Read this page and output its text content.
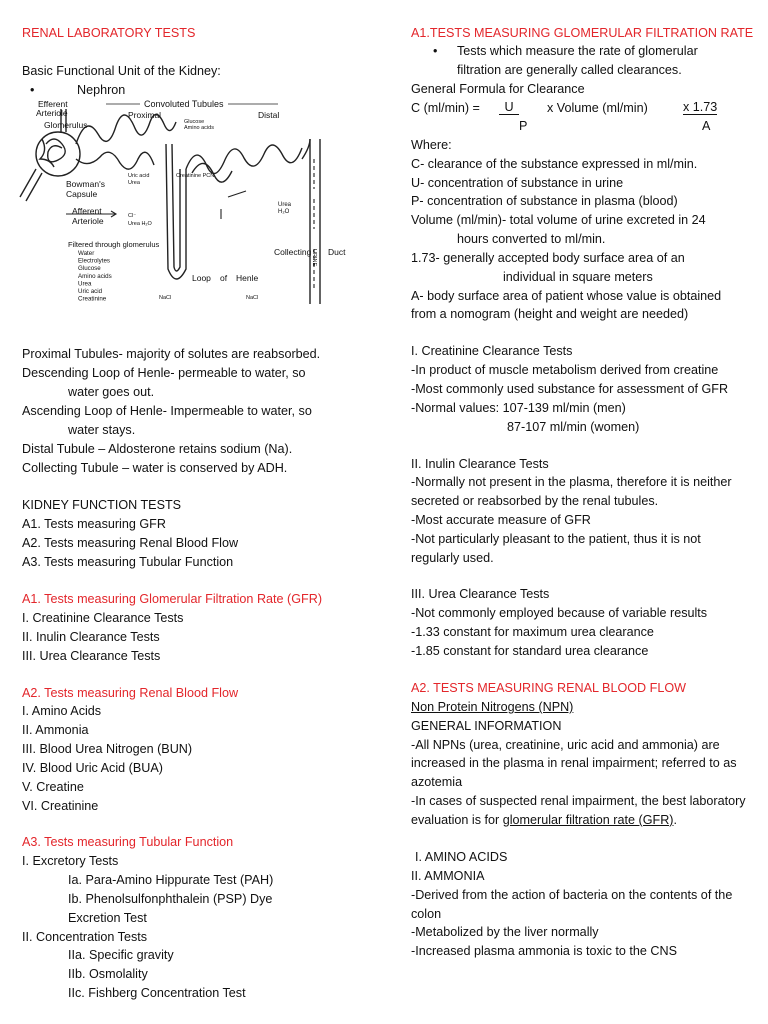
RENAL LABORATORY TESTS
Basic Functional Unit of the Kidney:
•	Nephron
Convoluted Tubules
Efferent
Arteriole	Proximal	Distal
Glomerulus	Glucose
Amino acids
Bowman's
Capsule
Afferent
Arteriole
Uric acid
Urea
Creatinine PCN
Cl⁻
Urea H₂O
Urea
H₂O
Filtered through glomerulus
Water
Electrolytes
Glucose
Amino acids
Urea
Uric acid
Creatinine
Loop of Henle
Collecting Duct
NaCl	NaCl
URINE
Proximal Tubules- majority of solutes are reabsorbed.
Descending Loop of Henle- permeable to water, so
water goes out.
Ascending Loop of Henle- Impermeable to water, so
water stays.
Distal Tubule – Aldosterone retains sodium (Na).
Collecting Tubule – water is conserved by ADH.
KIDNEY FUNCTION TESTS
A1. Tests measuring GFR
A2. Tests measuring Renal Blood Flow
A3. Tests measuring Tubular Function
A1. Tests measuring Glomerular Filtration Rate (GFR)
I. Creatinine Clearance Tests
II. Inulin Clearance Tests
III. Urea Clearance Tests
A2. Tests measuring Renal Blood Flow
I. Amino Acids
II. Ammonia
III. Blood Urea Nitrogen (BUN)
IV. Blood Uric Acid (BUA)
V. Creatine
VI. Creatinine
A3. Tests measuring Tubular Function
I. Excretory Tests
Ia. Para-Amino Hippurate Test (PAH)
Ib. Phenolsulfonphthalein (PSP) Dye
Excretion Test
II. Concentration Tests
IIa. Specific gravity
IIb. Osmolality
IIc. Fishberg Concentration Test
A1.TESTS MEASURING GLOMERULAR FILTRATION RATE
• Tests which measure the rate of glomerular
filtration are generally called clearances.
General Formula for Clearance
C (ml/min) =	U	x Volume (ml/min)	x 1.73
P	A
Where:
C- clearance of the substance expressed in ml/min.
U- concentration of substance in urine
P- concentration of substance in plasma (blood)
Volume (ml/min)- total volume of urine excreted in 24
hours converted to ml/min.
1.73- generally accepted body surface area of an
individual in square meters
A- body surface area of patient whose value is obtained
from a nomogram (height and weight are needed)
I. Creatinine Clearance Tests
-In product of muscle metabolism derived from creatine
-Most commonly used substance for assessment of GFR
-Normal values: 107-139 ml/min (men)
87-107 ml/min (women)
II. Inulin Clearance Tests
-Normally not present in the plasma, therefore it is neither
secreted or reabsorbed by the renal tubules.
-Most accurate measure of GFR
-Not particularly pleasant to the patient, thus it is not
regularly used.
III. Urea Clearance Tests
-Not commonly employed because of variable results
-1.33 constant for maximum urea clearance
-1.85 constant for standard urea clearance
A2. TESTS MEASURING RENAL BLOOD FLOW
Non Protein Nitrogens (NPN)
GENERAL INFORMATION
-All NPNs (urea, creatinine, uric acid and ammonia) are
increased in the plasma in renal impairment; referred to as
azotemia
-In cases of suspected renal impairment, the best laboratory
evaluation is for glomerular filtration rate (GFR).
I. AMINO ACIDS
II. AMMONIA
-Derived from the action of bacteria on the contents of the
colon
-Metabolized by the liver normally
-Increased plasma ammonia is toxic to the CNS
